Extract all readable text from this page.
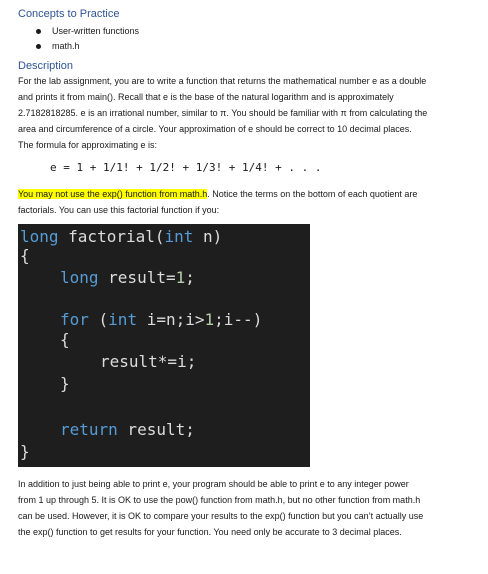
Concepts to Practice
User-written functions
math.h
Description
For the lab assignment, you are to write a function that returns the mathematical number e as a double
and prints it from main(). Recall that e is the base of the natural logarithm and is approximately
2.7182818285. e is an irrational number, similar to π. You should be familiar with π from calculating the
area and circumference of a circle. Your approximation of e should be correct to 10 decimal places.
The formula for approximating e is:
e = 1 + 1/1! + 1/2! + 1/3! + 1/4! + . . .
You may not use the exp() function from math.h. Notice the terms on the bottom of each quotient are
factorials. You can use this factorial function if you:
long factorial(int n)
{
long result=1;
for (int i=n;i>1;i--)
{
result*=i;
}
return result;
}
In addition to just being able to print e, your program should be able to print e to any integer power
from 1 up through 5. It is OK to use the pow() function from math.h, but no other function from math.h
can be used. However, it is OK to compare your results to the exp() function but you can’t actually use
the exp() function to get results for your function. You need only be accurate to 3 decimal places.
